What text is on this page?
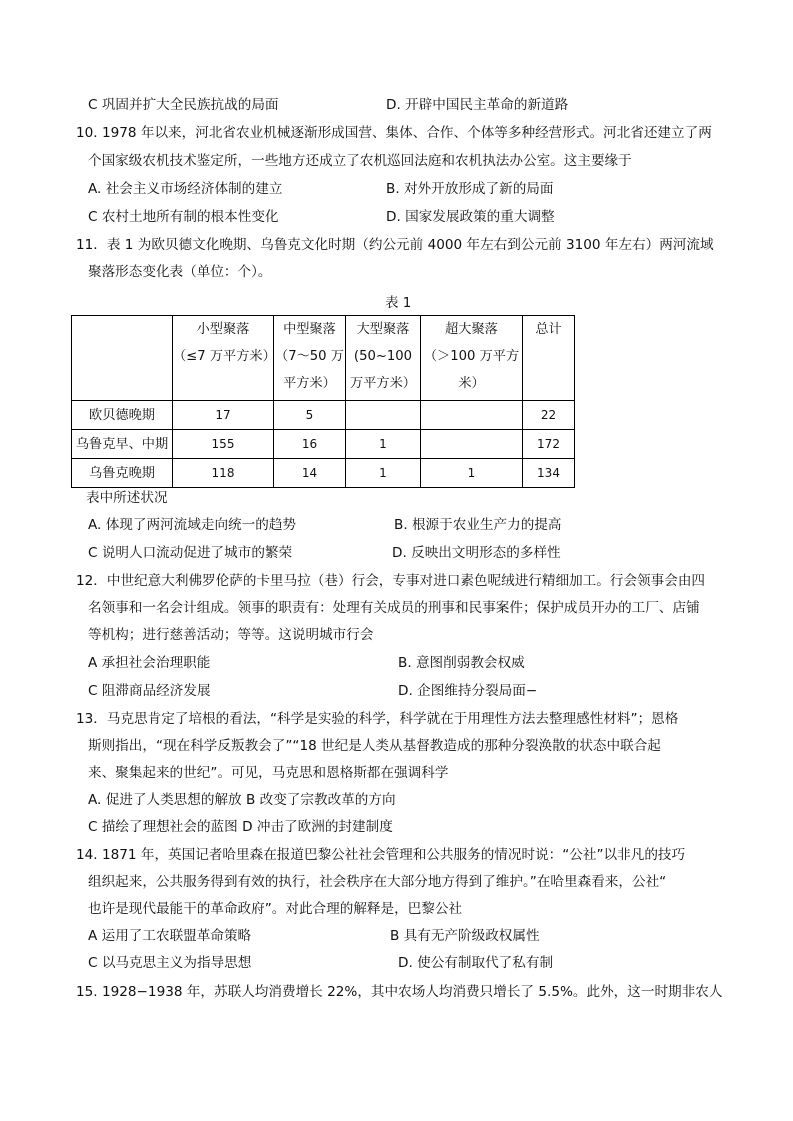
C 巩固并扩大全民族抗战的局面	D. 开辟中国民主革命的新道路
10. 1978 年以来，河北省农业机械逐渐形成国营、集体、合作、个体等多种经营形式。河北省还建立了两
个国家级农机技术鉴定所，一些地方还成立了农机巡回法庭和农机执法办公室。这主要缘于
A. 社会主义市场经济体制的建立	B. 对外开放形成了新的局面
C 农村土地所有制的根本性变化	D. 国家发展政策的重大调整
11．表 1 为欧贝德文化晚期、乌鲁克文化时期（约公元前 4000 年左右到公元前 3100 年左右）两河流域
聚落形态变化表（单位：个）。
表 1

	小型聚落
（≤7 万平方米）	中型聚落
（7～50 万
平方米）	大型聚落
(50~100
万平方米）	超大聚落
（＞100 万平方
米）	总计

欧贝德晚期	17	5			22
乌鲁克早、中期	155	16	1		172
乌鲁克晚期	118	14	1	1	134
表中所述状况
A. 体现了两河流域走向统一的趋势	B. 根源于农业生产力的提高
C 说明人口流动促进了城市的繁荣	D. 反映出文明形态的多样性
12．中世纪意大利佛罗伦萨的卡里马拉（巷）行会，专事对进口素色呢绒进行精细加工。行会领事会由四
名领事和一名会计组成。领事的职责有：处理有关成员的刑事和民事案件；保护成员开办的工厂、店铺
等机构；进行慈善活动；等等。这说明城市行会
A 承担社会治理职能	B. 意图削弱教会权威
C 阻滞商品经济发展	D. 企图维持分裂局面−
13．马克思肯定了培根的看法，“科学是实验的科学，科学就在于用理性方法去整理感性材料”；恩格
斯则指出，“现在科学反叛教会了”“18 世纪是人类从基督教造成的那种分裂涣散的状态中联合起
来、聚集起来的世纪”。可见，马克思和恩格斯都在强调科学
A. 促进了人类思想的解放 B 改变了宗教改革的方向
C 描绘了理想社会的蓝图 D 冲击了欧洲的封建制度
14. 1871 年，英国记者哈里森在报道巴黎公社社会管理和公共服务的情况时说：“公社”以非凡的技巧
组织起来，公共服务得到有效的执行，社会秩序在大部分地方得到了维护。”在哈里森看来，公社“
也许是现代最能干的革命政府”。对此合理的解释是，巴黎公社
A 运用了工农联盟革命策略	B 具有无产阶级政权属性
C 以马克思主义为指导思想	D. 使公有制取代了私有制
15. 1928−1938 年，苏联人均消费增长 22%，其中农场人均消费只增长了 5.5%。此外，这一时期非农人
